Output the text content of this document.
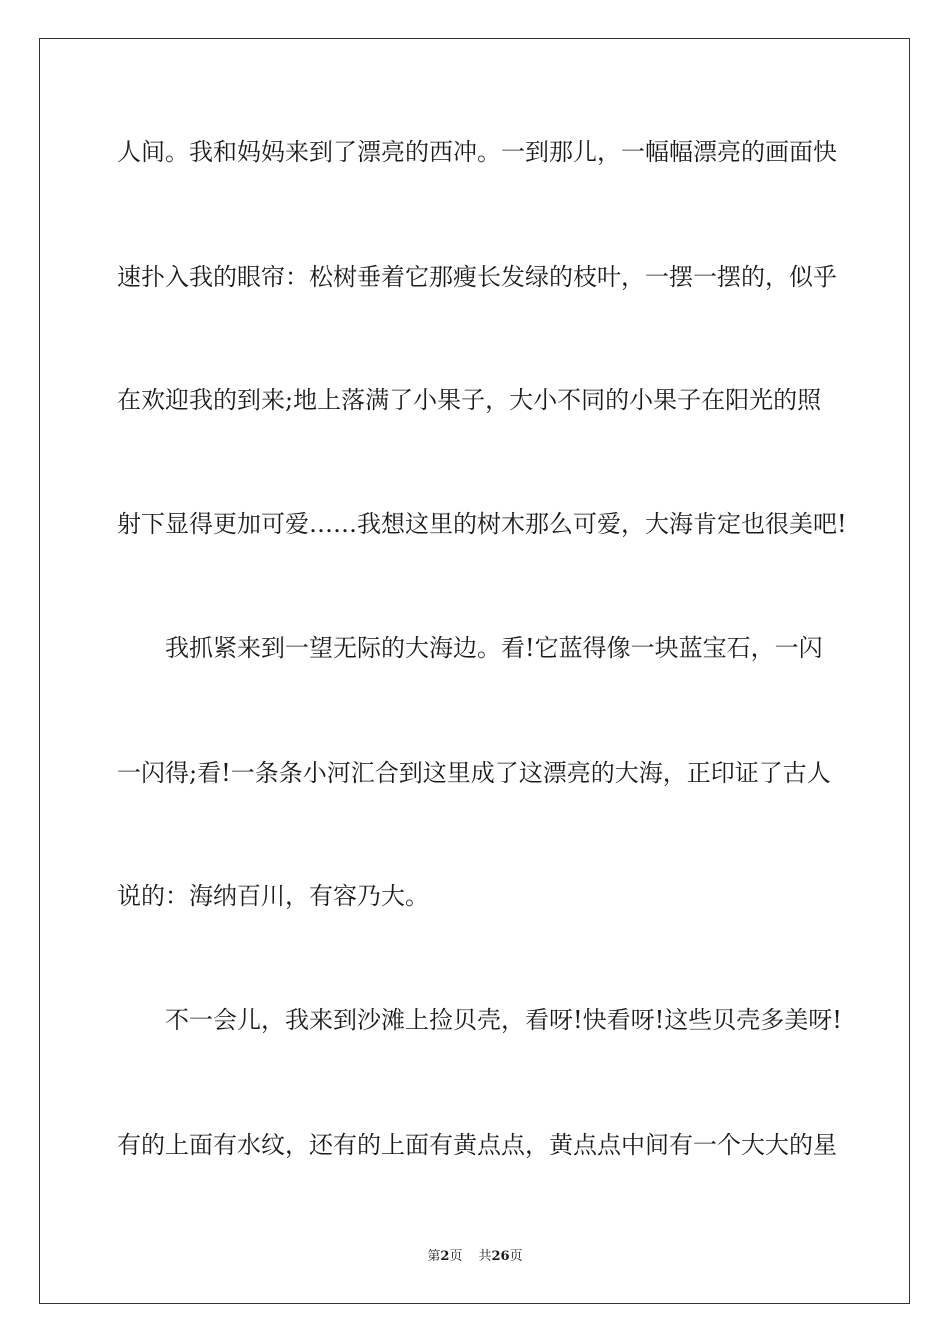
人间。我和妈妈来到了漂亮的西冲。一到那儿，一幅幅漂亮的画面快
速扑入我的眼帘：松树垂着它那瘦长发绿的枝叶，一摆一摆的，似乎
在欢迎我的到来;地上落满了小果子，大小不同的小果子在阳光的照
射下显得更加可爱……我想这里的树木那么可爱，大海肯定也很美吧!
我抓紧来到一望无际的大海边。看!它蓝得像一块蓝宝石，一闪
一闪得;看!一条条小河汇合到这里成了这漂亮的大海，正印证了古人
说的：海纳百川，有容乃大。
不一会儿，我来到沙滩上捡贝壳，看呀!快看呀!这些贝壳多美呀!
有的上面有水纹，还有的上面有黄点点，黄点点中间有一个大大的星
第2页 共26页
